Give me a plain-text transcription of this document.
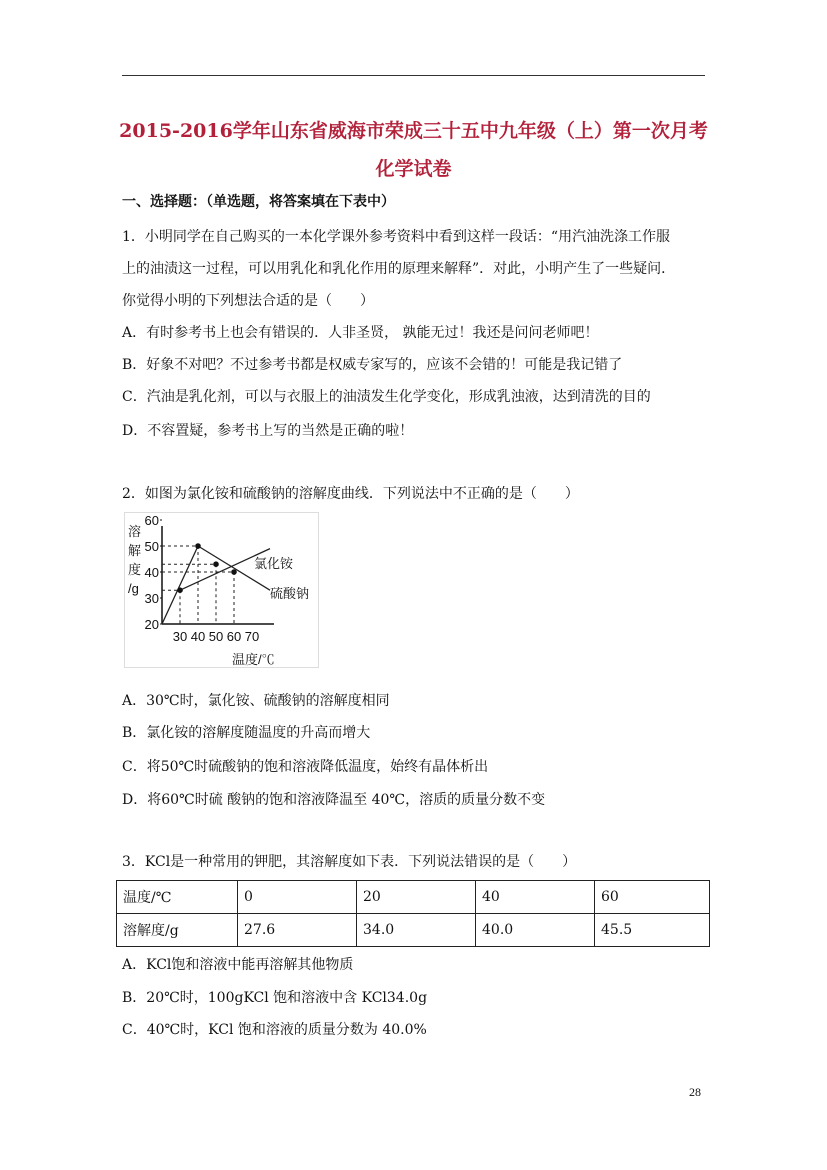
2015-2016学年山东省威海市荣成三十五中九年级（上）第一次月考
化学试卷
一、选择题：（单选题，将答案填在下表中）
1．小明同学在自己购买的一本化学课外参考资料中看到这样一段话：“用汽油洗涤工作服
上的油渍这一过程，可以用乳化和乳化作用的原理来解释”．对此，小明产生了一些疑问．
你觉得小明的下列想法合适的是（　　）
A．有时参考书上也会有错误的．人非圣贤， 孰能无过！我还是问问老师吧！
B．好象不对吧？不过参考书都是权威专家写的，应该不会错的！可能是我记错了
C．汽油是乳化剂，可以与衣服上的油渍发生化学变化，形成乳浊液，达到清洗的目的
D．不容置疑，参考书上写的当然是正确的啦！
2．如图为氯化铵和硫酸钠的溶解度曲线．下列说法中不正确的是（　　）
溶
解
度
/g
20
30
40
50
60
30 40 50 60 70
温度/℃
氯化铵
硫酸钠
A．30℃时，氯化铵、硫酸钠的溶解度相同
B．氯化铵的溶解度随温度的升高而增大
C．将50℃时硫酸钠的饱和溶液降低温度，始终有晶体析出
D．将60℃时硫 酸钠的饱和溶液降温至 40℃，溶质的质量分数不变
3．KCl是一种常用的钾肥，其溶解度如下表．下列说法错误的是（　　）
温度/℃	0	20	40	60
溶解度/g	27.6	34.0	40.0	45.5
A．KCl饱和溶液中能再溶解其他物质
B．20℃时，100gKCl 饱和溶液中含 KCl34.0g
C．40℃时，KCl 饱和溶液的质量分数为 40.0%
28
